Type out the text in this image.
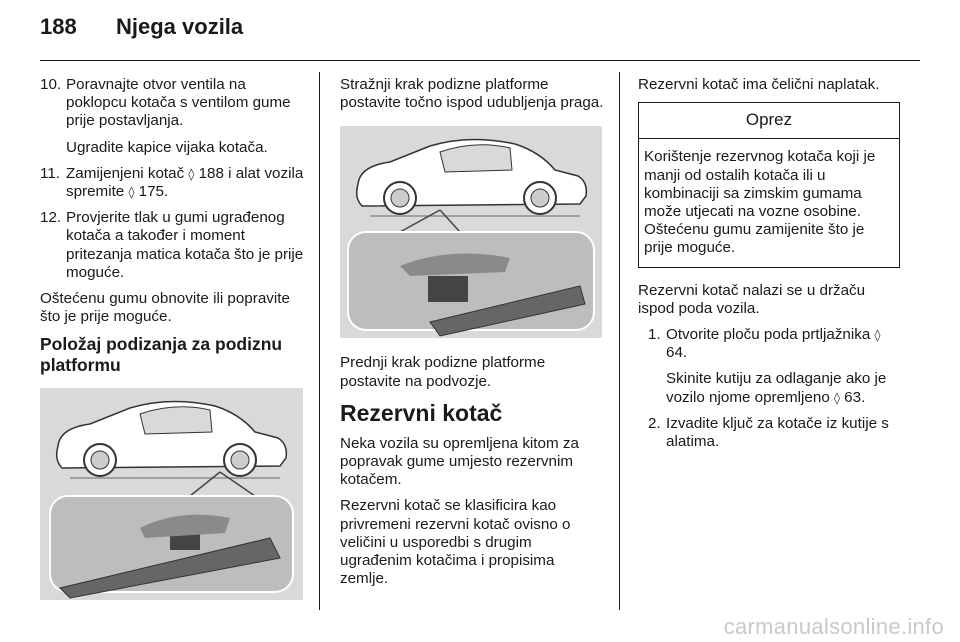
188	Njega vozila
10. Poravnajte otvor ventila na poklopcu kotača s ventilom gume prije postavljanja.
Ugradite kapice vijaka kotača.
11. Zamijenjeni kotač ◊ 188 i alat vozila spremite ◊ 175.
12. Provjerite tlak u gumi ugrađenog kotača a također i moment pritezanja matica kotača što je prije moguće.

Oštećenu gumu obnovite ili popravite što je prije moguće.

Položaj podizanja za podiznu platformu

Stražnji krak podizne platforme postavite točno ispod udubljenja praga.

Prednji krak podizne platforme postavite na podvozje.

Rezervni kotač

Neka vozila su opremljena kitom za popravak gume umjesto rezervnim kotačem.

Rezervni kotač se klasificira kao privremeni rezervni kotač ovisno o veličini u usporedbi s drugim ugrađenim kotačima i propisima zemlje.

Rezervni kotač ima čelični naplatak.

Oprez
Korištenje rezervnog kotača koji je manji od ostalih kotača ili u kombinaciji sa zimskim gumama može utjecati na vozne osobine. Oštećenu gumu zamijenite što je prije moguće.

Rezervni kotač nalazi se u držaču ispod poda vozila.

1. Otvorite ploču poda prtljažnika ◊ 64.
Skinite kutiju za odlaganje ako je vozilo njome opremljeno ◊ 63.
2. Izvadite ključ za kotače iz kutije s alatima.
carmanualsonline.info
